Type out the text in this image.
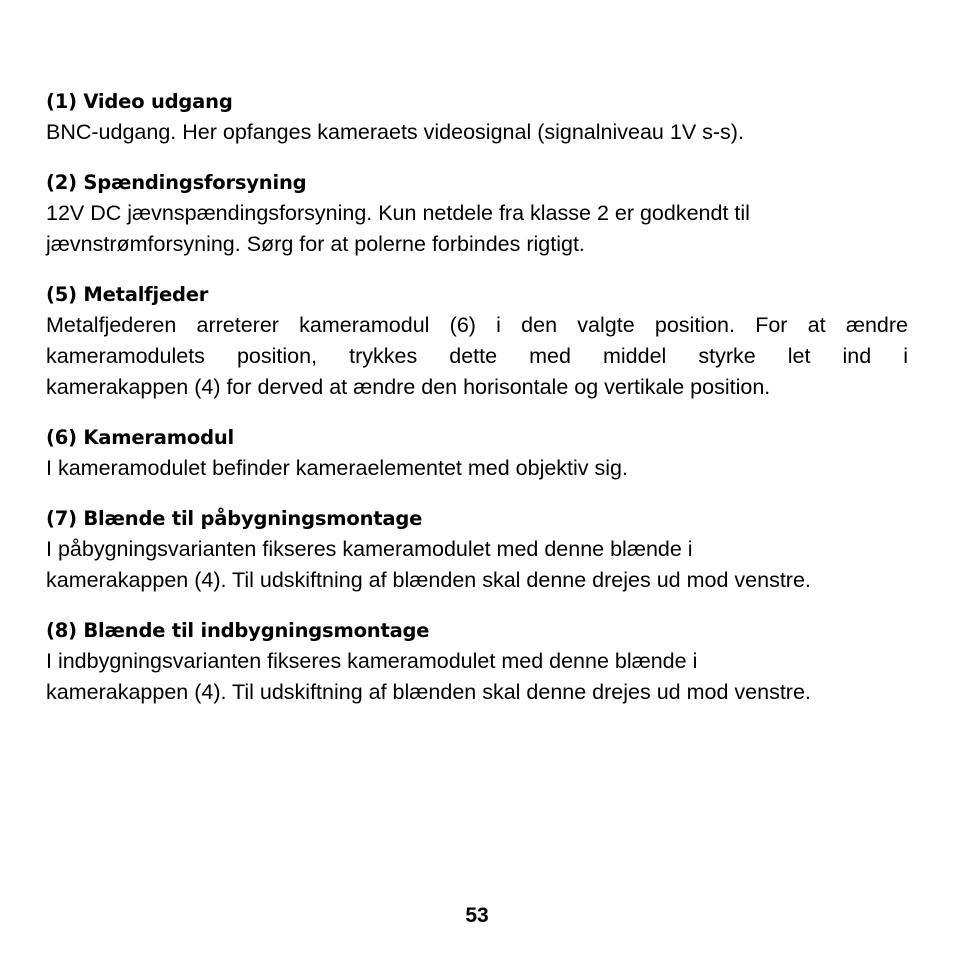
(1) Video udgang

BNC-udgang. Her opfanges kameraets videosignal (signalniveau 1V s-s).

(2) Spændingsforsyning

12V DC jævnspændingsforsyning. Kun netdele fra klasse 2 er godkendt til

jævnstrømforsyning. Sørg for at polerne forbindes rigtigt.

(5) Metalfjeder

Metalfjederen arreterer kameramodul (6) i den valgte position. For at ændre

kameramodulets position, trykkes dette med middel styrke let ind i

kamerakappen (4) for derved at ændre den horisontale og vertikale position.

(6) Kameramodul

I kameramodulet befinder kameraelementet med objektiv sig.

(7) Blænde til påbygningsmontage

I påbygningsvarianten fikseres kameramodulet med denne blænde i

kamerakappen (4). Til udskiftning af blænden skal denne drejes ud mod venstre.

(8) Blænde til indbygningsmontage

I indbygningsvarianten fikseres kameramodulet med denne blænde i

kamerakappen (4). Til udskiftning af blænden skal denne drejes ud mod venstre.

53
